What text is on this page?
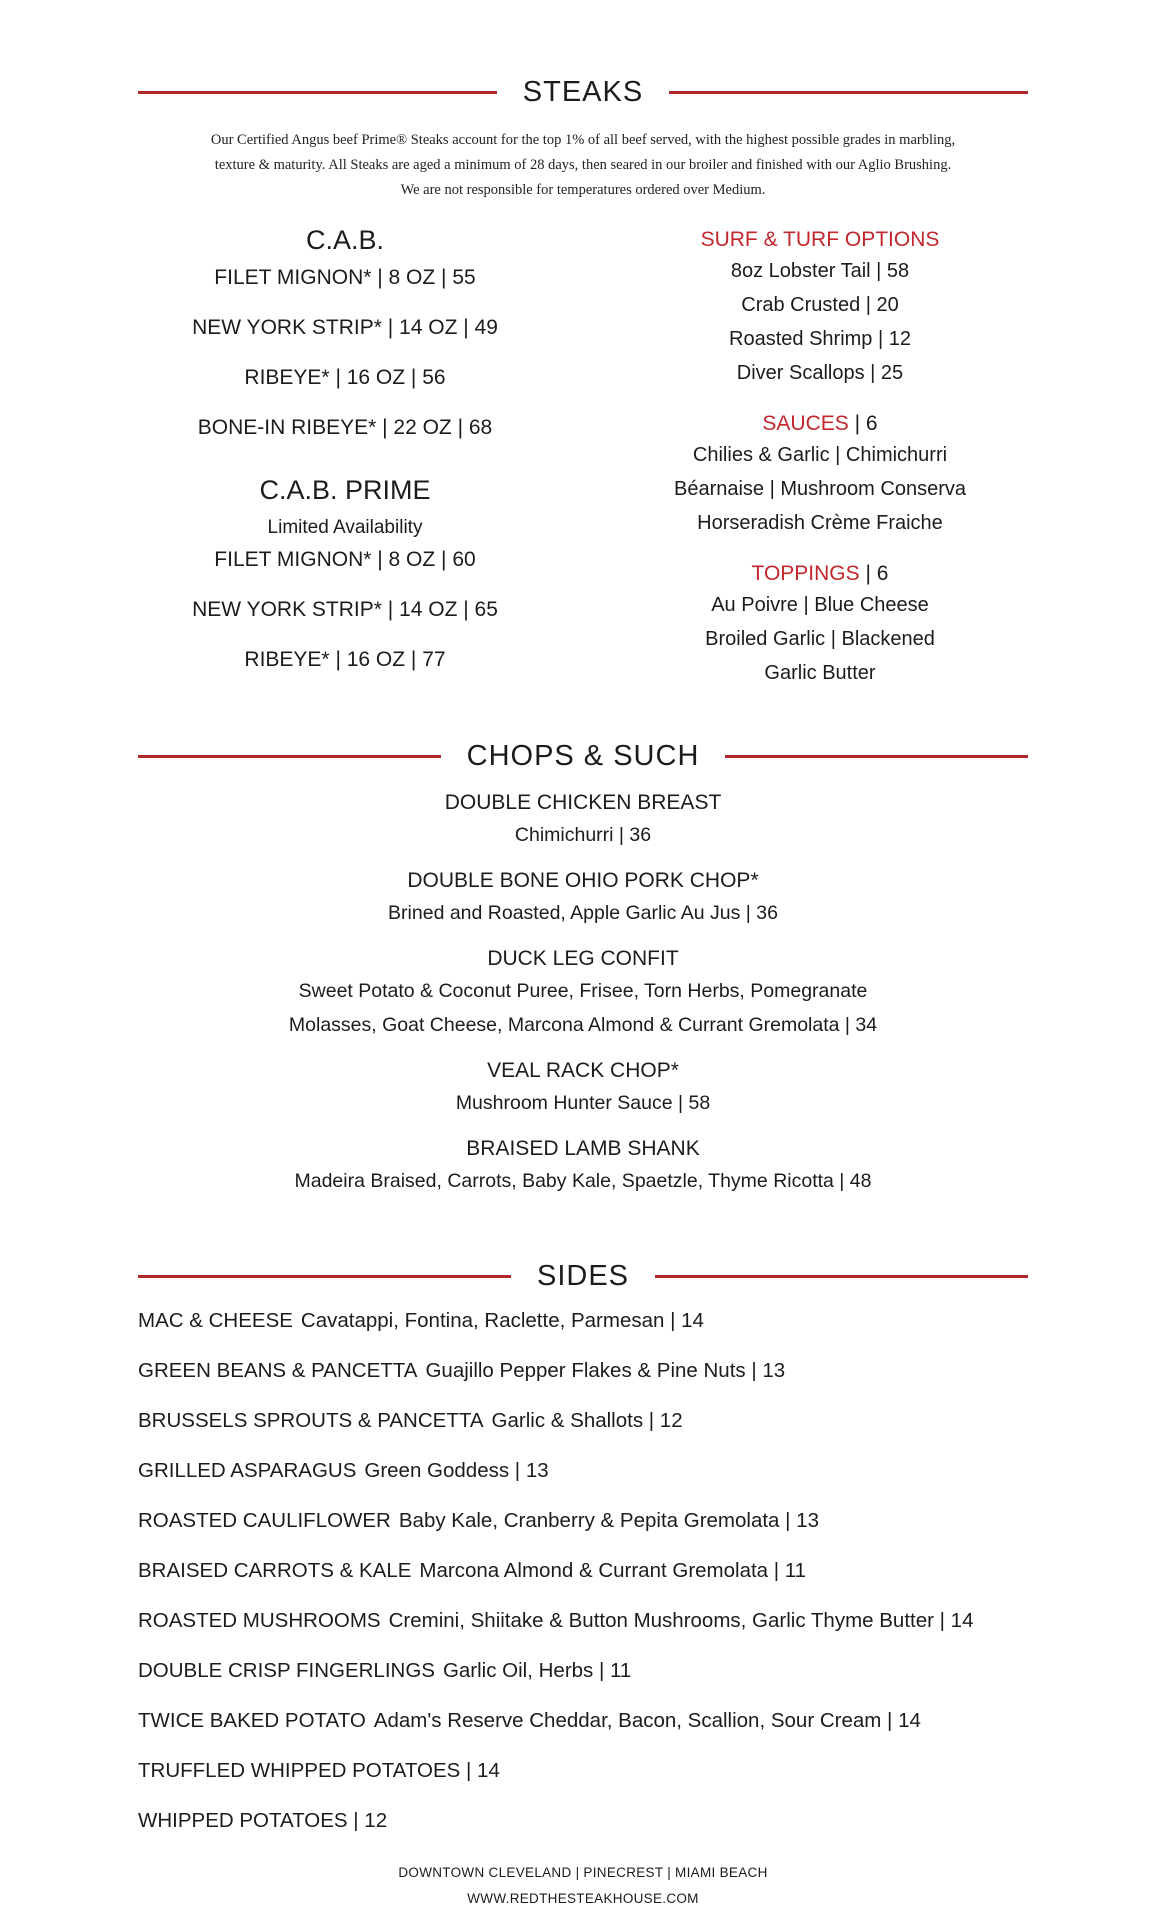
STEAKS
Our Certified Angus beef Prime® Steaks account for the top 1% of all beef served, with the highest possible grades in marbling,
texture & maturity. All Steaks are aged a minimum of 28 days, then seared in our broiler and finished with our Aglio Brushing.
We are not responsible for temperatures ordered over Medium.
C.A.B.
FILET MIGNON* | 8 OZ | 55
NEW YORK STRIP* | 14 OZ | 49
RIBEYE* | 16 OZ | 56
BONE-IN RIBEYE* | 22 OZ | 68
C.A.B. PRIME
Limited Availability
FILET MIGNON* | 8 OZ | 60
NEW YORK STRIP* | 14 OZ | 65
RIBEYE* | 16 OZ | 77
SURF & TURF OPTIONS
8oz Lobster Tail | 58
Crab Crusted | 20
Roasted Shrimp | 12
Diver Scallops | 25
SAUCES | 6
Chilies & Garlic | Chimichurri
Béarnaise | Mushroom Conserva
Horseradish Crème Fraiche
TOPPINGS | 6
Au Poivre | Blue Cheese
Broiled Garlic | Blackened
Garlic Butter
CHOPS & SUCH
DOUBLE CHICKEN BREAST
Chimichurri | 36
DOUBLE BONE OHIO PORK CHOP*
Brined and Roasted, Apple Garlic Au Jus | 36
DUCK LEG CONFIT
Sweet Potato & Coconut Puree, Frisee, Torn Herbs, Pomegranate
Molasses, Goat Cheese, Marcona Almond & Currant Gremolata | 34
VEAL RACK CHOP*
Mushroom Hunter Sauce | 58
BRAISED LAMB SHANK
Madeira Braised, Carrots, Baby Kale, Spaetzle, Thyme Ricotta | 48
SIDES
MAC & CHEESE Cavatappi, Fontina, Raclette, Parmesan | 14
GREEN BEANS & PANCETTA Guajillo Pepper Flakes & Pine Nuts | 13
BRUSSELS SPROUTS & PANCETTA Garlic & Shallots | 12
GRILLED ASPARAGUS Green Goddess | 13
ROASTED CAULIFLOWER Baby Kale, Cranberry & Pepita Gremolata | 13
BRAISED CARROTS & KALE Marcona Almond & Currant Gremolata | 11
ROASTED MUSHROOMS Cremini, Shiitake & Button Mushrooms, Garlic Thyme Butter | 14
DOUBLE CRISP FINGERLINGS Garlic Oil, Herbs | 11
TWICE BAKED POTATO Adam's Reserve Cheddar, Bacon, Scallion, Sour Cream | 14
TRUFFLED WHIPPED POTATOES | 14
WHIPPED POTATOES | 12
DOWNTOWN CLEVELAND | PINECREST | MIAMI BEACH
WWW.REDTHESTEAKHOUSE.COM
